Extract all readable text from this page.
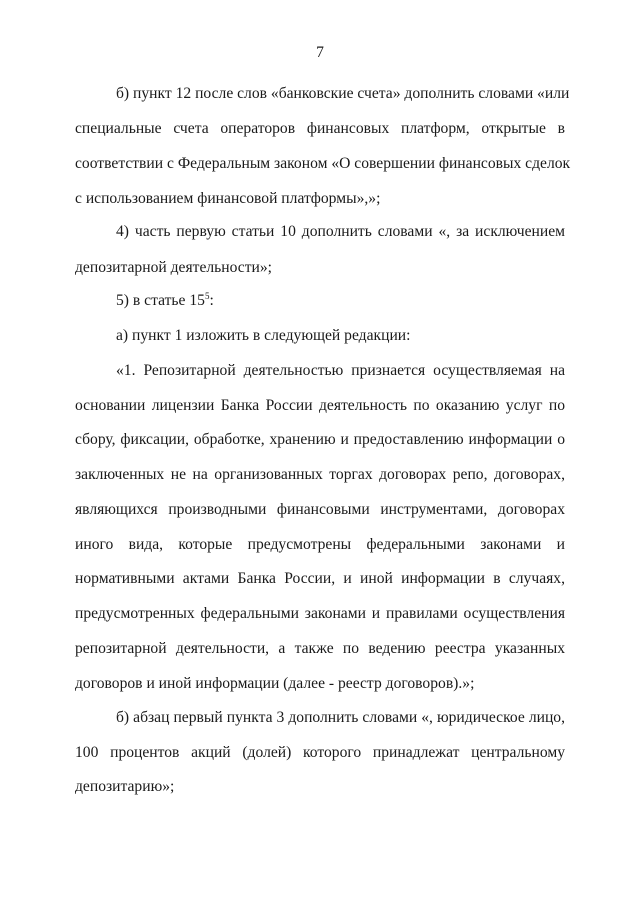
7
б) пункт 12 после слов «банковские счета» дополнить словами «или
специальные счета операторов финансовых платформ, открытые в
соответствии с Федеральным законом «О совершении финансовых сделок
с использованием финансовой платформы»,»;
4) часть первую статьи 10 дополнить словами «, за исключением
депозитарной деятельности»;
5) в статье $15^5$:
а) пункт 1 изложить в следующей редакции:
«1. Репозитарной деятельностью признается осуществляемая на
основании лицензии Банка России деятельность по оказанию услуг по
сбору, фиксации, обработке, хранению и предоставлению информации о
заключенных не на организованных торгах договорах репо, договорах,
являющихся производными финансовыми инструментами, договорах
иного вида, которые предусмотрены федеральными законами и
нормативными актами Банка России, и иной информации в случаях,
предусмотренных федеральными законами и правилами осуществления
репозитарной деятельности, а также по ведению реестра указанных
договоров и иной информации (далее - реестр договоров).»;
б) абзац первый пункта 3 дополнить словами «, юридическое лицо,
100 процентов акций (долей) которого принадлежат центральному
депозитарию»;
